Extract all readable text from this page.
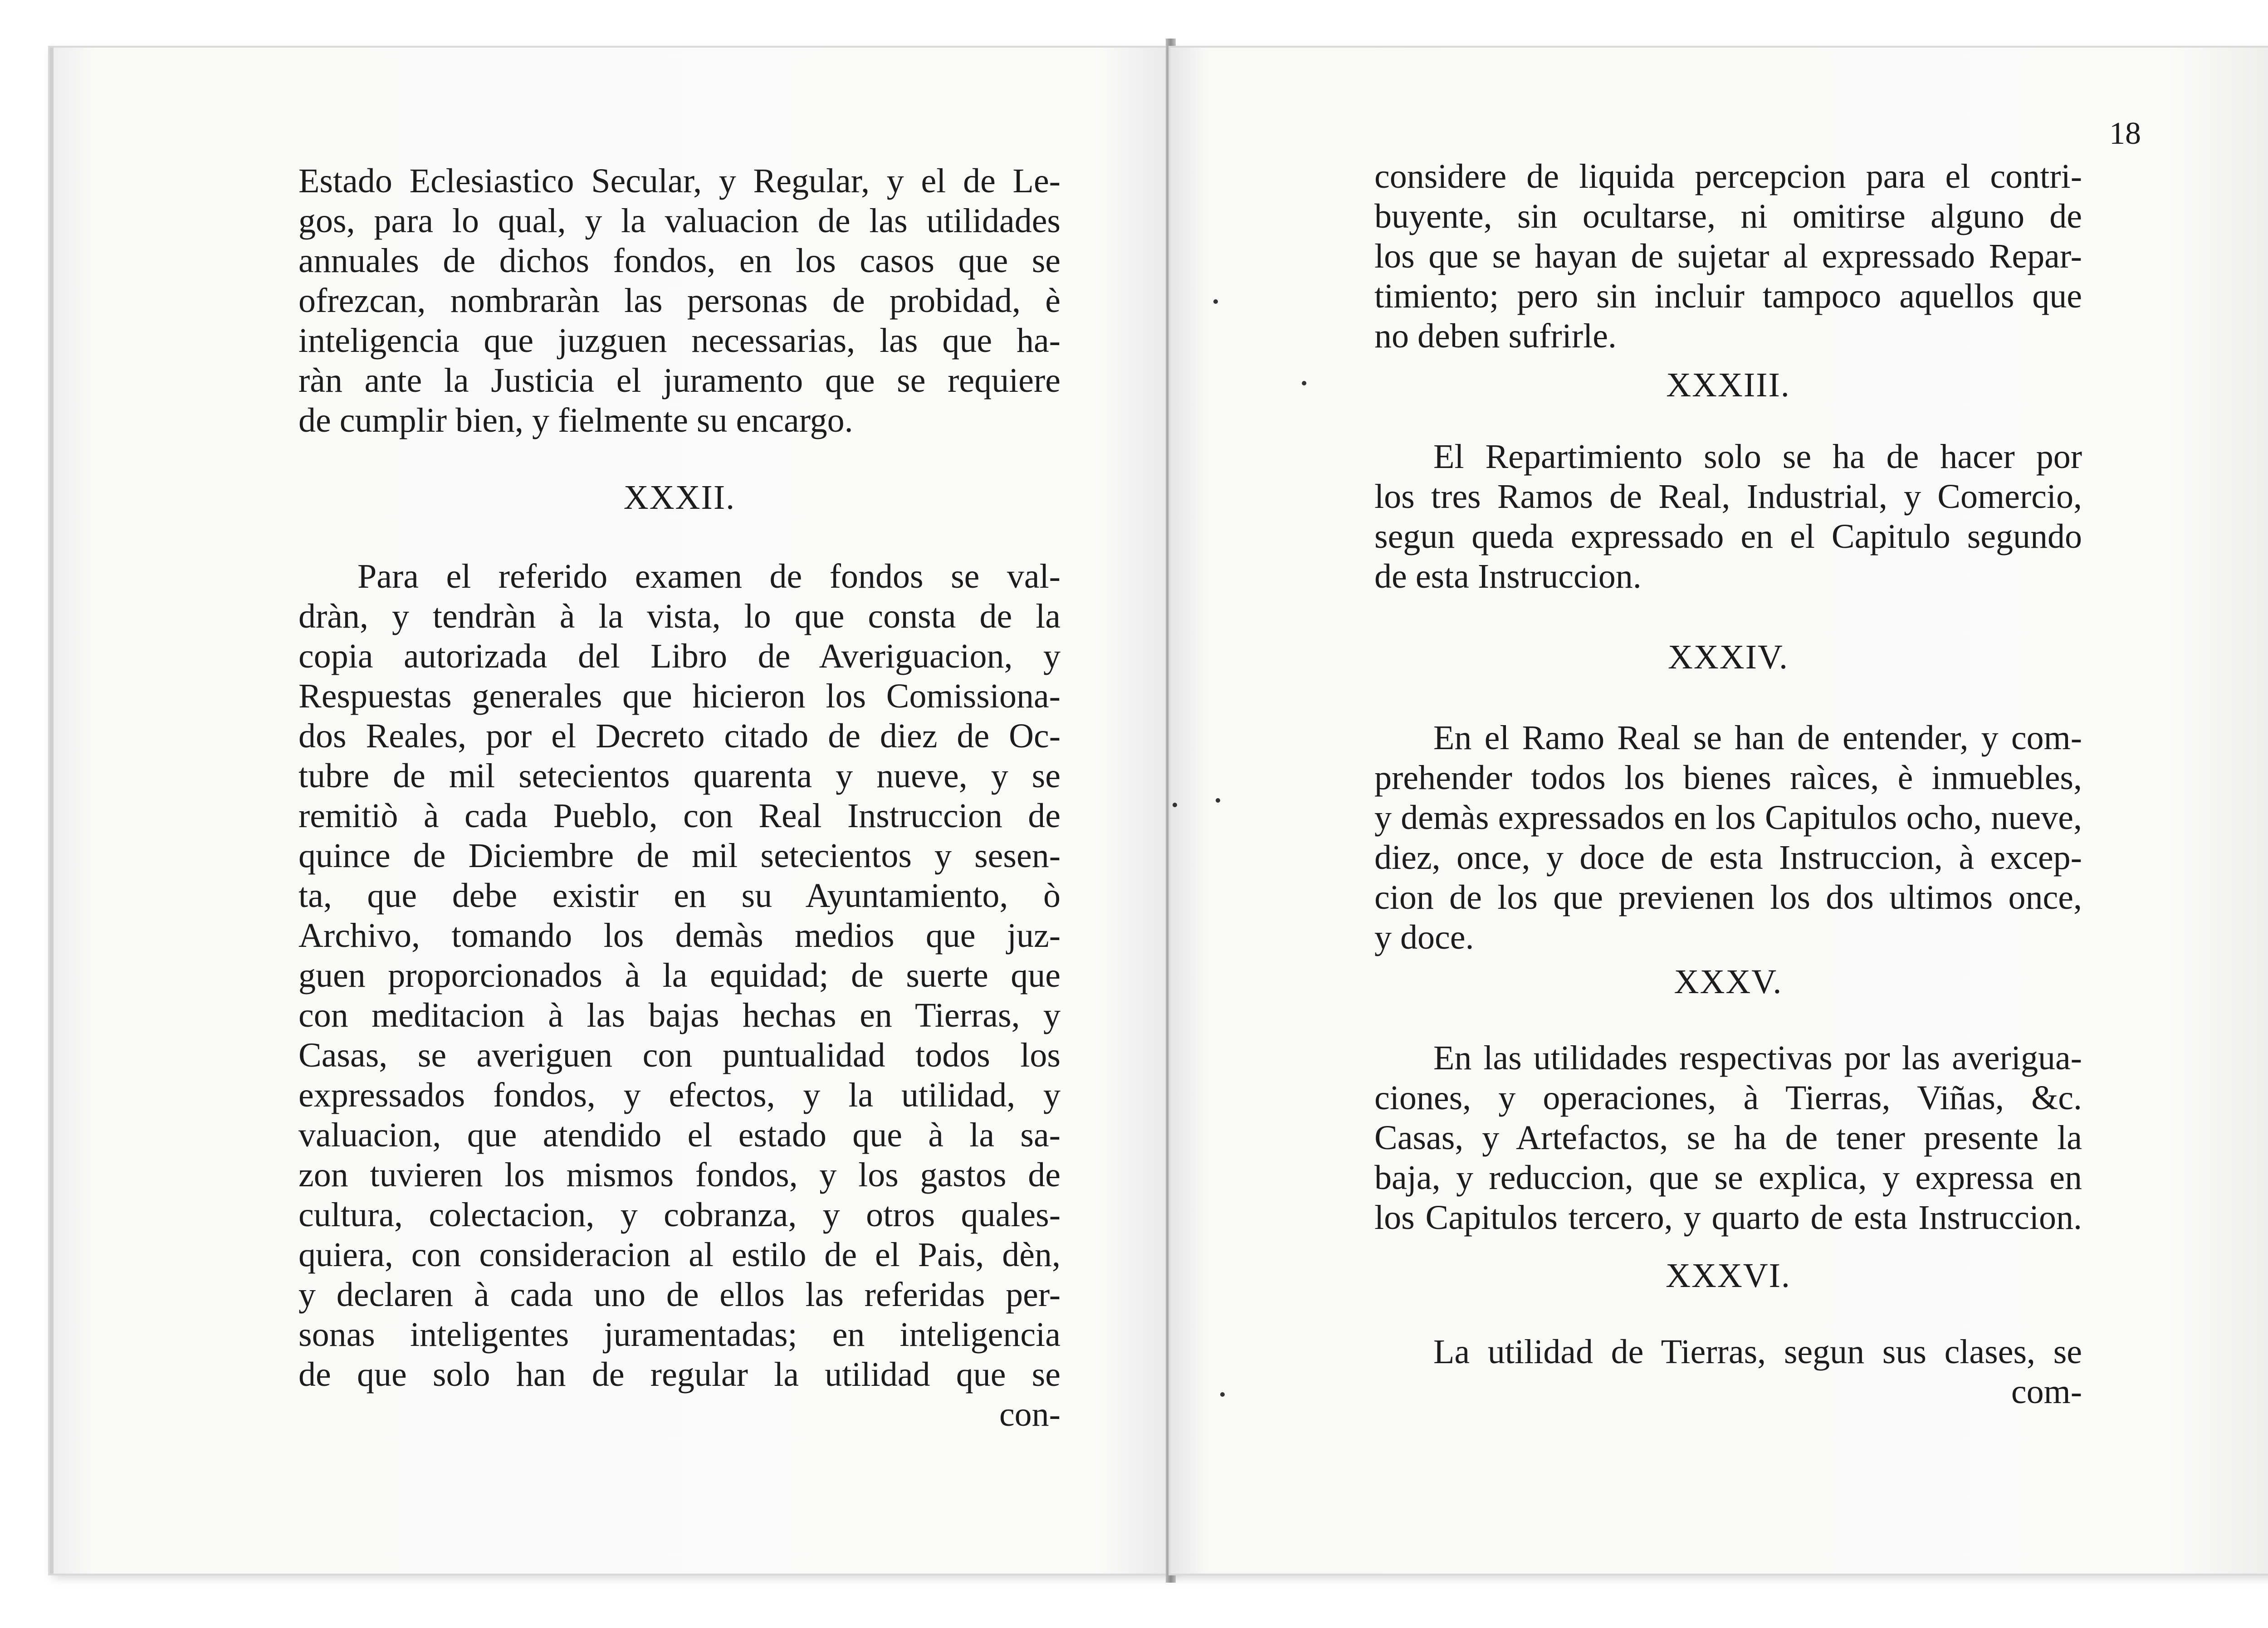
Estado Eclesiastico Secular, y Regular, y el de Le-
gos, para lo qual, y la valuacion de las utilidades
annuales de dichos fondos, en los casos que se
ofrezcan, nombraràn las personas de probidad, è
inteligencia que juzguen necessarias, las que ha-
ràn ante la Justicia el juramento que se requiere
de cumplir bien, y fielmente su encargo.
XXXII.
Para el referido examen de fondos se val-
dràn, y tendràn à la vista, lo que consta de la
copia autorizada del Libro de Averiguacion, y
Respuestas generales que hicieron los Comissiona-
dos Reales, por el Decreto citado de diez de Oc-
tubre de mil setecientos quarenta y nueve, y se
remitiò à cada Pueblo, con Real Instruccion de
quince de Diciembre de mil setecientos y sesen-
ta, que debe existir en su Ayuntamiento, ò
Archivo, tomando los demàs medios que juz-
guen proporcionados à la equidad; de suerte que
con meditacion à las bajas hechas en Tierras, y
Casas, se averiguen con puntualidad todos los
expressados fondos, y efectos, y la utilidad, y
valuacion, que atendido el estado que à la sa-
zon tuvieren los mismos fondos, y los gastos de
cultura, colectacion, y cobranza, y otros quales-
quiera, con consideracion al estilo de el Pais, dèn,
y declaren à cada uno de ellos las referidas per-
sonas inteligentes juramentadas; en inteligencia
de que solo han de regular la utilidad que se
con-
18
considere de liquida percepcion para el contri-
buyente, sin ocultarse, ni omitirse alguno de
los que se hayan de sujetar al expressado Repar-
timiento; pero sin incluir tampoco aquellos que
no deben sufrirle.
XXXIII.
El Repartimiento solo se ha de hacer por
los tres Ramos de Real, Industrial, y Comercio,
segun queda expressado en el Capitulo segundo
de esta Instruccion.
XXXIV.
En el Ramo Real se han de entender, y com-
prehender todos los bienes raìces, è inmuebles,
y demàs expressados en los Capitulos ocho, nueve,
diez, once, y doce de esta Instruccion, à excep-
cion de los que previenen los dos ultimos once,
y doce.
XXXV.
En las utilidades respectivas por las averigua-
ciones, y operaciones, à Tierras, Viñas, &c.
Casas, y Artefactos, se ha de tener presente la
baja, y reduccion, que se explica, y expressa en
los Capitulos tercero, y quarto de esta Instruccion.
XXXVI.
La utilidad de Tierras, segun sus clases, se
com-
